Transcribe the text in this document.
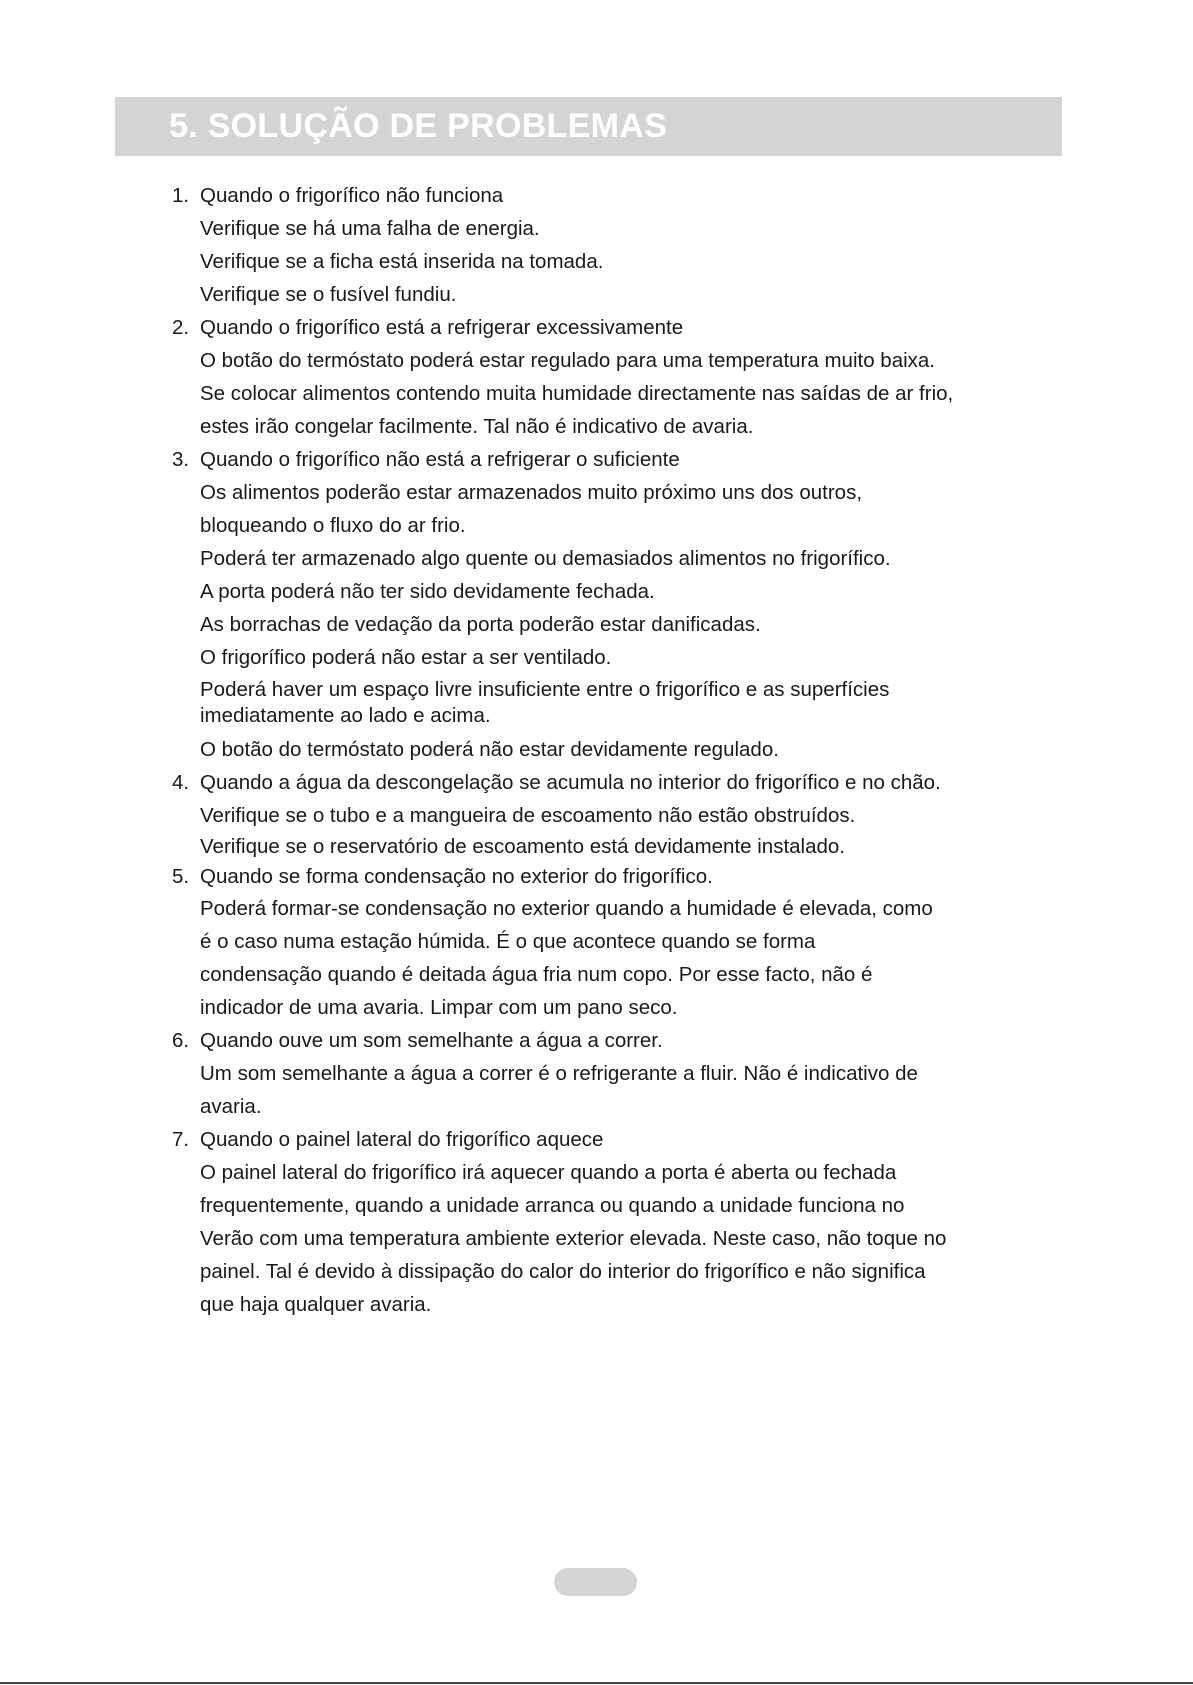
5. SOLUÇÃO DE PROBLEMAS
1. Quando o frigorífico não funciona
Verifique se há uma falha de energia.
Verifique se a ficha está inserida na tomada.
Verifique se o fusível fundiu.
2. Quando o frigorífico está a refrigerar excessivamente
O botão do termóstato poderá estar regulado para uma temperatura muito baixa.
Se colocar alimentos contendo muita humidade directamente nas saídas de ar frio,
estes irão congelar facilmente. Tal não é indicativo de avaria.
3. Quando o frigorífico não está a refrigerar o suficiente
Os alimentos poderão estar armazenados muito próximo uns dos outros,
bloqueando o fluxo do ar frio.
Poderá ter armazenado algo quente ou demasiados alimentos no frigorífico.
A porta poderá não ter sido devidamente fechada.
As borrachas de vedação da porta poderão estar danificadas.
O frigorífico poderá não estar a ser ventilado.
Poderá haver um espaço livre insuficiente entre o frigorífico e as superfícies imediatamente ao lado e acima.
O botão do termóstato poderá não estar devidamente regulado.
4. Quando a água da descongelação se acumula no interior do frigorífico e no chão.
Verifique se o tubo e a mangueira de escoamento não estão obstruídos.
Verifique se o reservatório de escoamento está devidamente instalado.
5. Quando se forma condensação no exterior do frigorífico.
Poderá formar-se condensação no exterior quando a humidade é elevada, como
é o caso numa estação húmida. É o que acontece quando se forma
condensação quando é deitada água fria num copo. Por esse facto, não é
indicador de uma avaria. Limpar com um pano seco.
6. Quando ouve um som semelhante a água a correr.
Um som semelhante a água a correr é o refrigerante a fluir. Não é indicativo de
avaria.
7. Quando o painel lateral do frigorífico aquece
O painel lateral do frigorífico irá aquecer quando a porta é aberta ou fechada
frequentemente, quando a unidade arranca ou quando a unidade funciona no
Verão com uma temperatura ambiente exterior elevada. Neste caso, não toque no
painel. Tal é devido à dissipação do calor do interior do frigorífico e não significa
que haja qualquer avaria.
